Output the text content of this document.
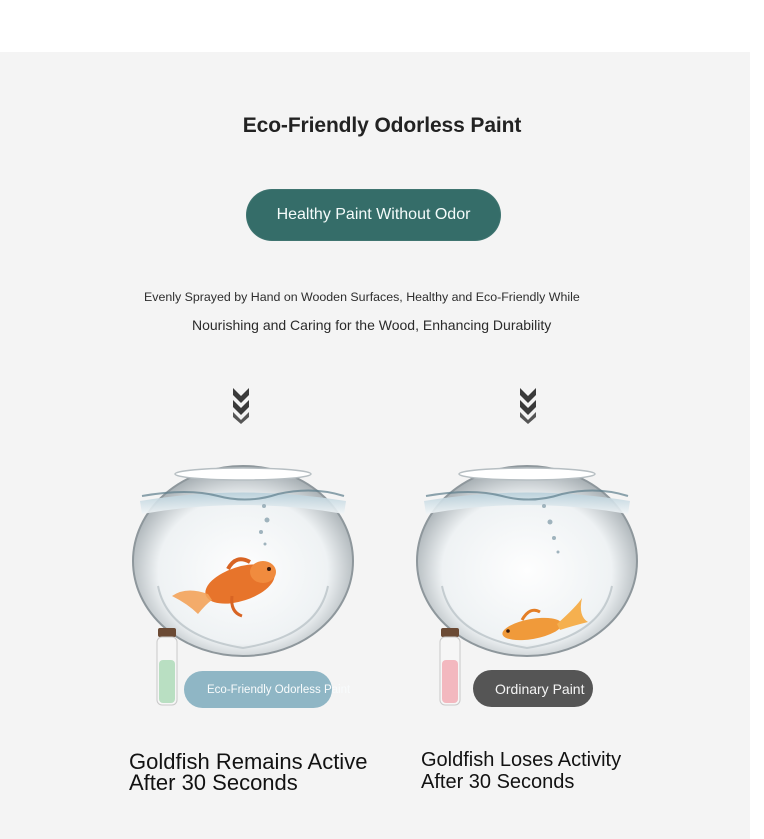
Eco-Friendly Odorless Paint
Healthy Paint Without Odor
Evenly Sprayed by Hand on Wooden Surfaces, Healthy and Eco-Friendly While
Nourishing and Caring for the Wood, Enhancing Durability
Eco-Friendly Odorless Paint	Ordinary Paint
Goldfish Remains Active
After 30 Seconds
Goldfish Loses Activity
After 30 Seconds
